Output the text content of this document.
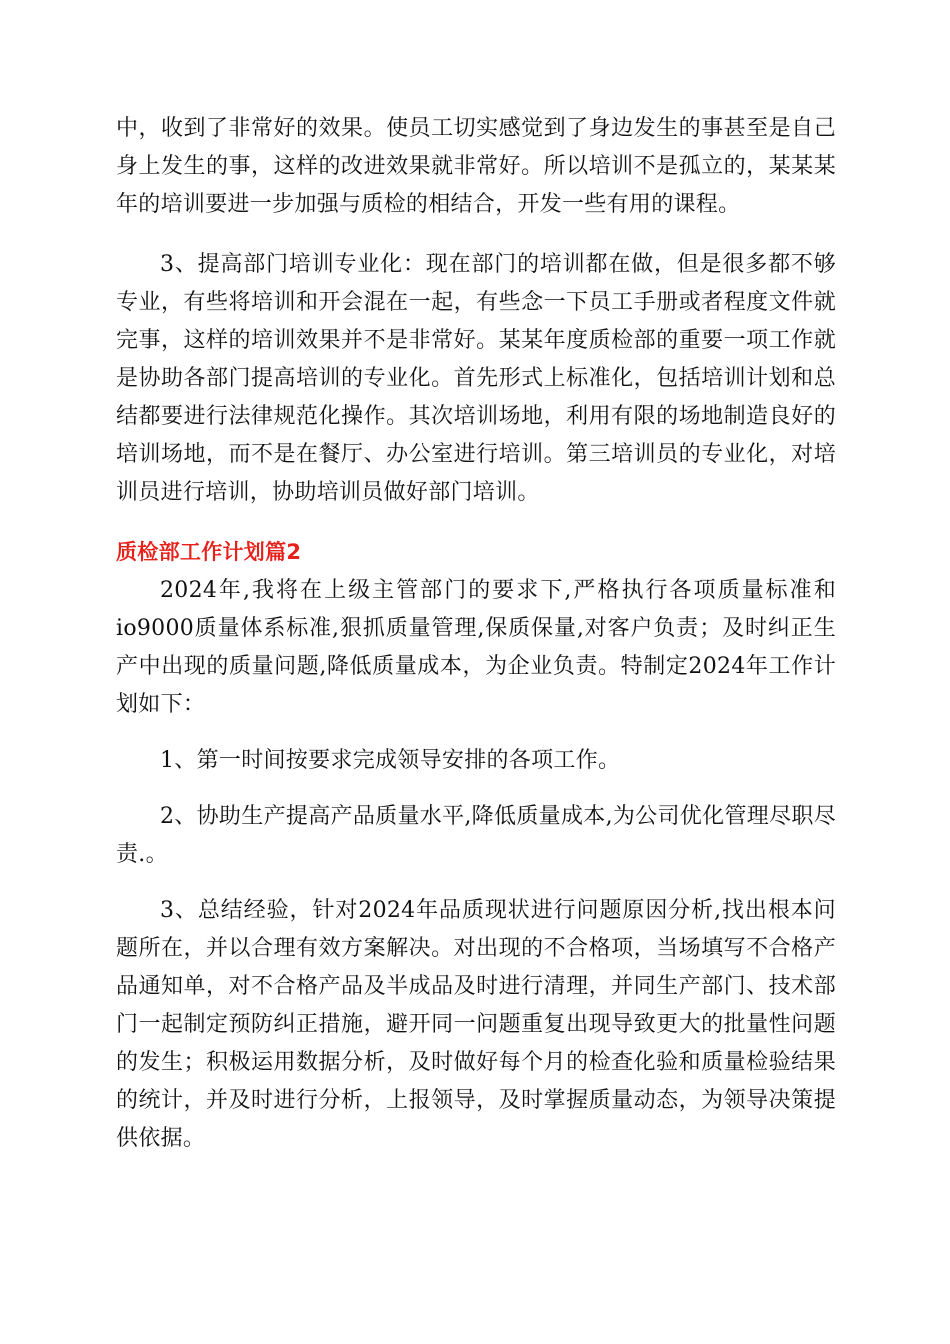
中，收到了非常好的效果。使员工切实感觉到了身边发生的事甚至是自己身上发生的事，这样的改进效果就非常好。所以培训不是孤立的，某某某年的培训要进一步加强与质检的相结合，开发一些有用的课程。

3、提高部门培训专业化：现在部门的培训都在做，但是很多都不够专业，有些将培训和开会混在一起，有些念一下员工手册或者程度文件就完事，这样的培训效果并不是非常好。某某年度质检部的重要一项工作就是协助各部门提高培训的专业化。首先形式上标准化，包括培训计划和总结都要进行法律规范化操作。其次培训场地，利用有限的场地制造良好的培训场地，而不是在餐厅、办公室进行培训。第三培训员的专业化，对培训员进行培训，协助培训员做好部门培训。

质检部工作计划篇2

2024年,我将在上级主管部门的要求下,严格执行各项质量标准和io9000质量体系标准,狠抓质量管理,保质保量,对客户负责；及时纠正生产中出现的质量问题,降低质量成本，为企业负责。特制定2024年工作计划如下：

1、第一时间按要求完成领导安排的各项工作。

2、协助生产提高产品质量水平,降低质量成本,为公司优化管理尽职尽责.。

3、总结经验，针对2024年品质现状进行问题原因分析,找出根本问题所在，并以合理有效方案解决。对出现的不合格项，当场填写不合格产品通知单，对不合格产品及半成品及时进行清理，并同生产部门、技术部门一起制定预防纠正措施，避开同一问题重复出现导致更大的批量性问题的发生；积极运用数据分析，及时做好每个月的检查化验和质量检验结果的统计，并及时进行分析，上报领导，及时掌握质量动态，为领导决策提供依据。
